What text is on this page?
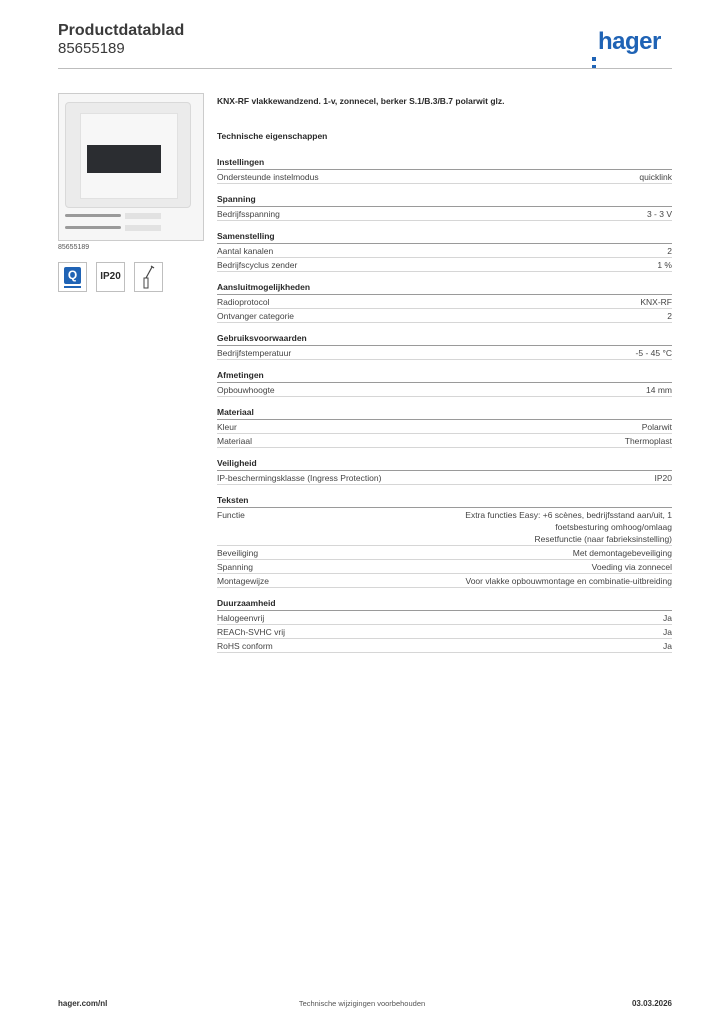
Productdatablad
85655189	hager
85655189
Q	IP20
KNX-RF vlakkewandzend. 1-v, zonnecel, berker S.1/B.3/B.7 polarwit glz.
Technische eigenschappen
Instellingen
Ondersteunde instelmodus	quicklink
Spanning
Bedrijfsspanning	3 - 3 V
Samenstelling
Aantal kanalen	2
Bedrijfscyclus zender	1 %
Aansluitmogelijkheden
Radioprotocol	KNX-RF
Ontvanger categorie	2
Gebruiksvoorwaarden
Bedrijfstemperatuur	-5 - 45 °C
Afmetingen
Opbouwhoogte	14 mm
Materiaal
Kleur	Polarwit
Materiaal	Thermoplast
Veiligheid
IP-beschermingsklasse (Ingress Protection)	IP20
Teksten
Functie	Extra functies Easy: +6 scènes, bedrijfsstand aan/uit, 1
foetsbesturing omhoog/omlaag
Resetfunctie (naar fabrieksinstelling)
Beveiliging	Met demontagebeveiliging
Spanning	Voeding via zonnecel
Montagewijze	Voor vlakke opbouwmontage en combinatie-uitbreiding
Duurzaamheid
Halogeenvrij	Ja
REACh-SVHC vrij	Ja
RoHS conform	Ja
hager.com/nl	Technische wijzigingen voorbehouden	03.03.2026
